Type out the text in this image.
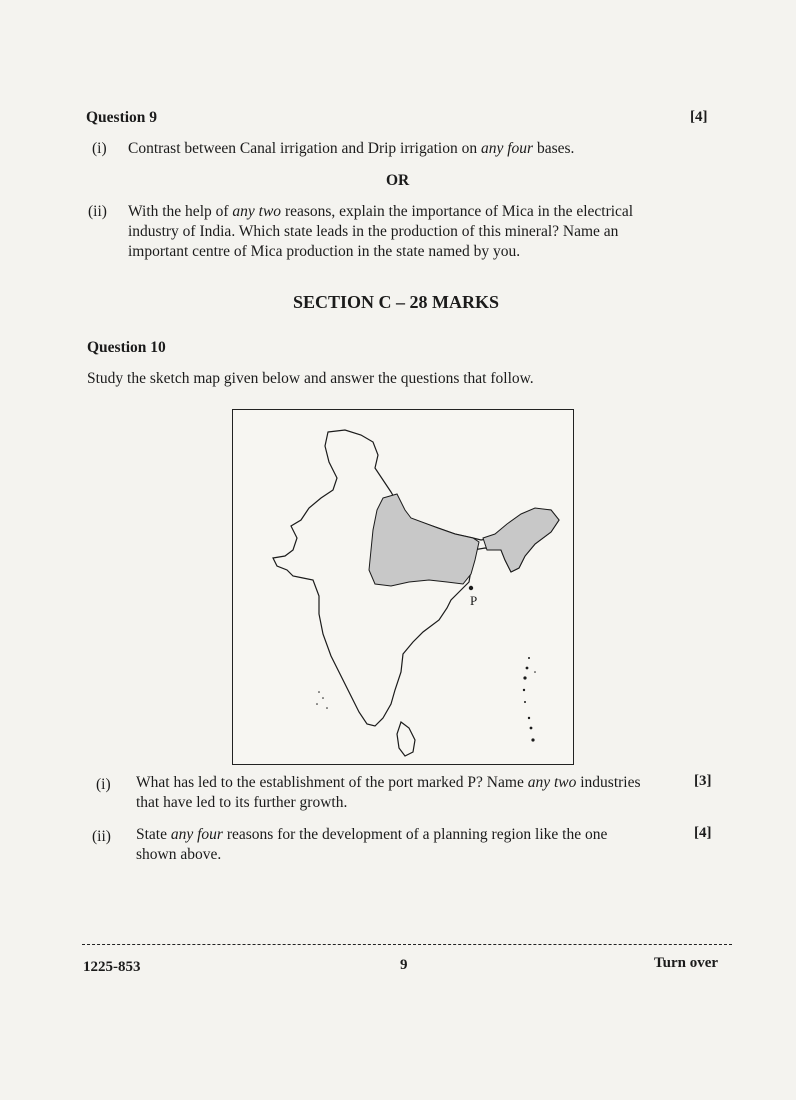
Question 9	[4]
(i) Contrast between Canal irrigation and Drip irrigation on any four bases.
OR
(ii) With the help of any two reasons, explain the importance of Mica in the electrical
industry of India. Which state leads in the production of this mineral? Name an
important centre of Mica production in the state named by you.
SECTION C – 28 MARKS
Question 10
Study the sketch map given below and answer the questions that follow.
P
(i) What has led to the establishment of the port marked P? Name any two industries
that have led to its further growth.
[3]
(ii) State any four reasons for the development of a planning region like the one
shown above.
[4]
1225-853	9	Turn over
